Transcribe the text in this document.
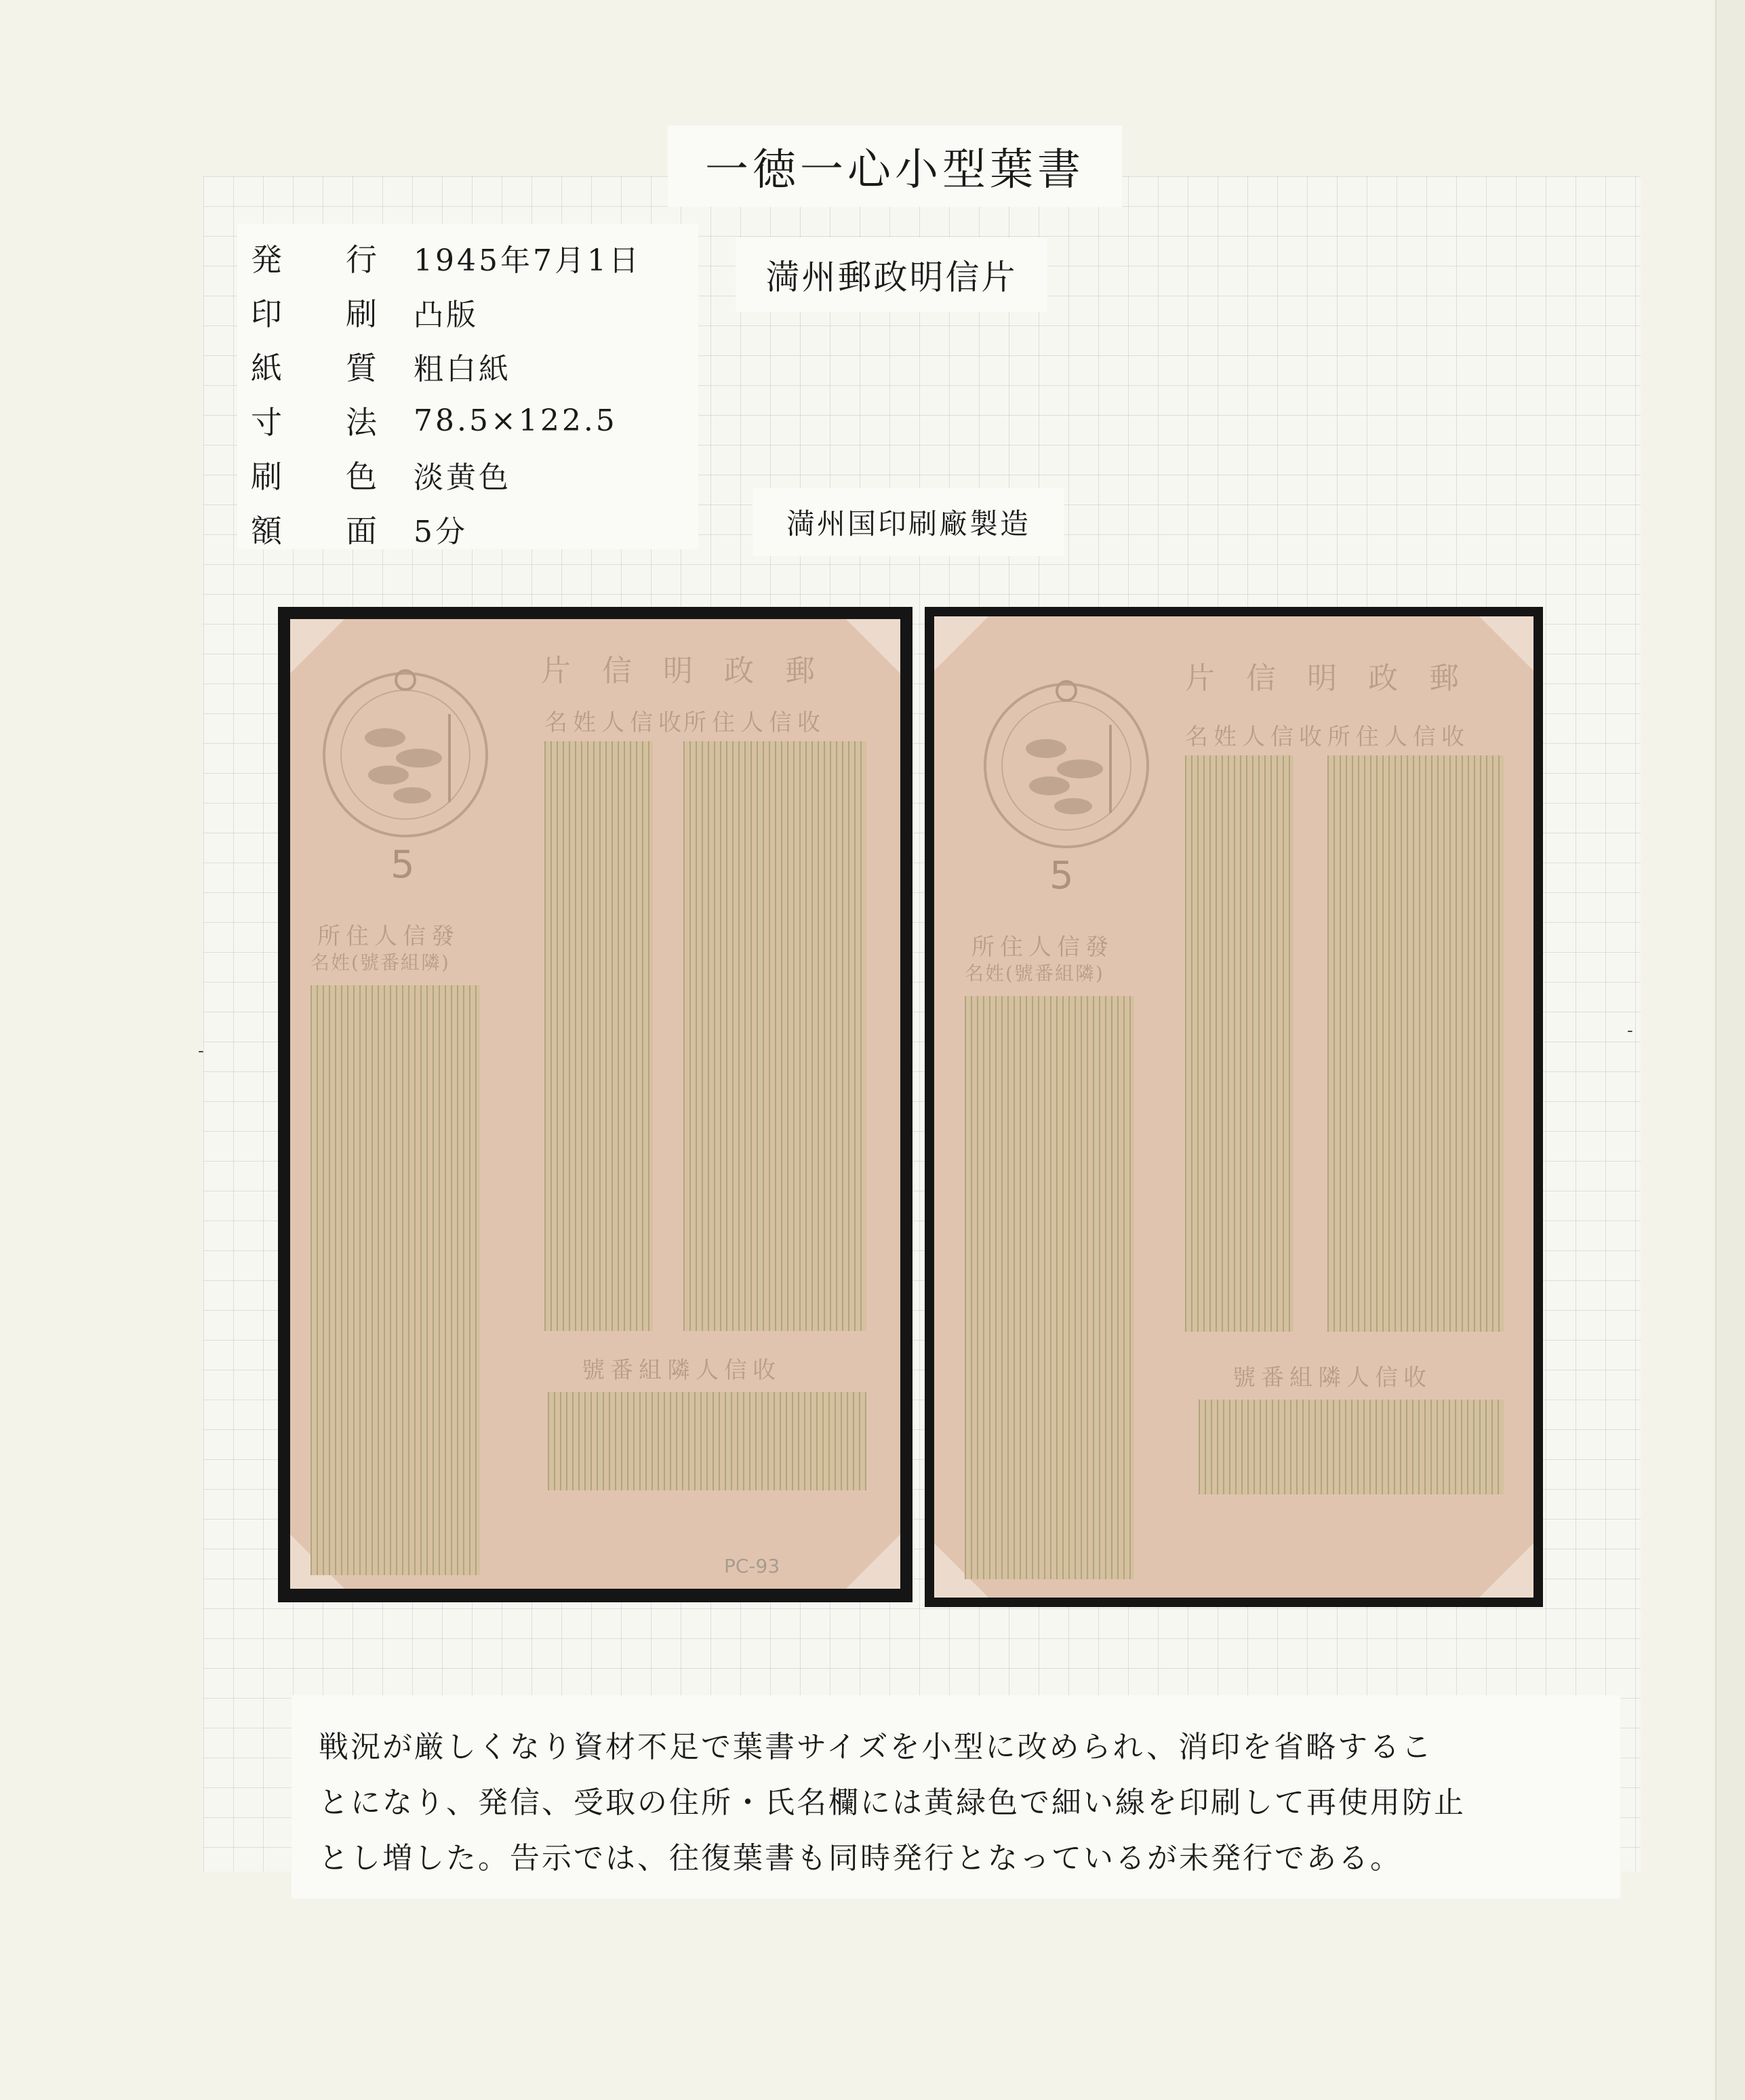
-
-
一徳一心小型葉書
発	行	1945年7月1日
印	刷	凸版
紙	質	粗白紙
寸	法	78.5×122.5
刷	色	淡黄色
額	面	5分
満州郵政明信片
満州国印刷廠製造
5
片信明政郵
名姓人信收
所住人信收
所住人信發
名姓(號番組隣)
號番組隣人信收
PC-93
5
片信明政郵
名姓人信收 所住人信收
所住人信發
名姓(號番組隣)
號番組隣人信收
戦況が厳しくなり資材不足で葉書サイズを小型に改められ、消印を省略するこ
とになり、発信、受取の住所・氏名欄には黄緑色で細い線を印刷して再使用防止
とし増した。告示では、往復葉書も同時発行となっているが未発行である。
